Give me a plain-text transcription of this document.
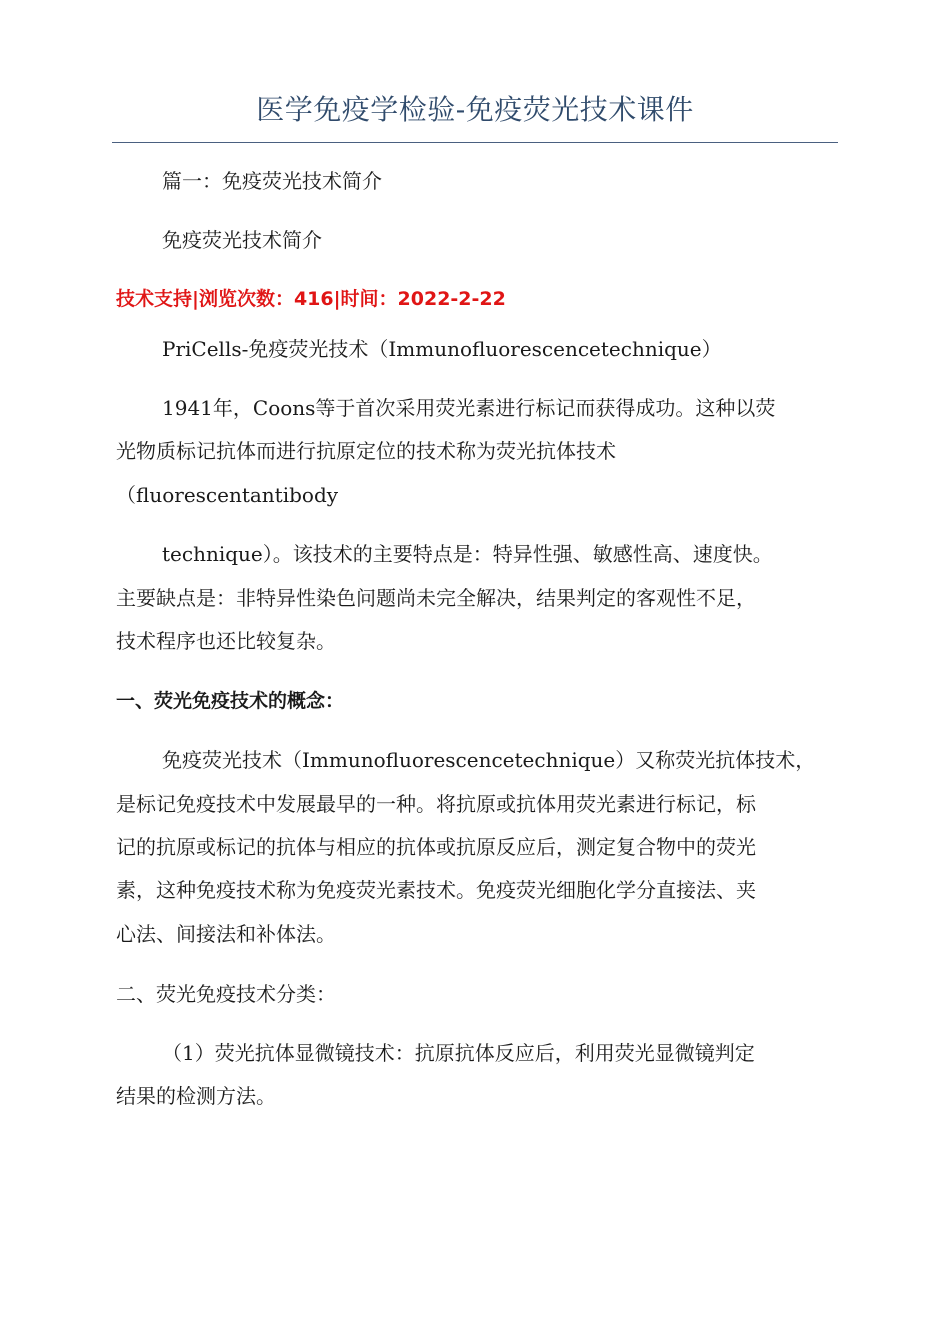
医学免疫学检验-免疫荧光技术课件
篇一：免疫荧光技术简介
免疫荧光技术简介
技术支持|浏览次数：416|时间：2022-2-22
PriCells-免疫荧光技术（Immunofluorescencetechnique）
1941年，Coons等于首次采用荧光素进行标记而获得成功。这种以荧
光物质标记抗体而进行抗原定位的技术称为荧光抗体技术
（fluorescentantibody
technique）。该技术的主要特点是：特异性强、敏感性高、速度快。
主要缺点是：非特异性染色问题尚未完全解决，结果判定的客观性不足，
技术程序也还比较复杂。
一、荧光免疫技术的概念：
免疫荧光技术（Immunofluorescencetechnique）又称荧光抗体技术，
是标记免疫技术中发展最早的一种。将抗原或抗体用荧光素进行标记，标
记的抗原或标记的抗体与相应的抗体或抗原反应后，测定复合物中的荧光
素，这种免疫技术称为免疫荧光素技术。免疫荧光细胞化学分直接法、夹
心法、间接法和补体法。
二、荧光免疫技术分类：
（1）荧光抗体显微镜技术：抗原抗体反应后，利用荧光显微镜判定
结果的检测方法。
